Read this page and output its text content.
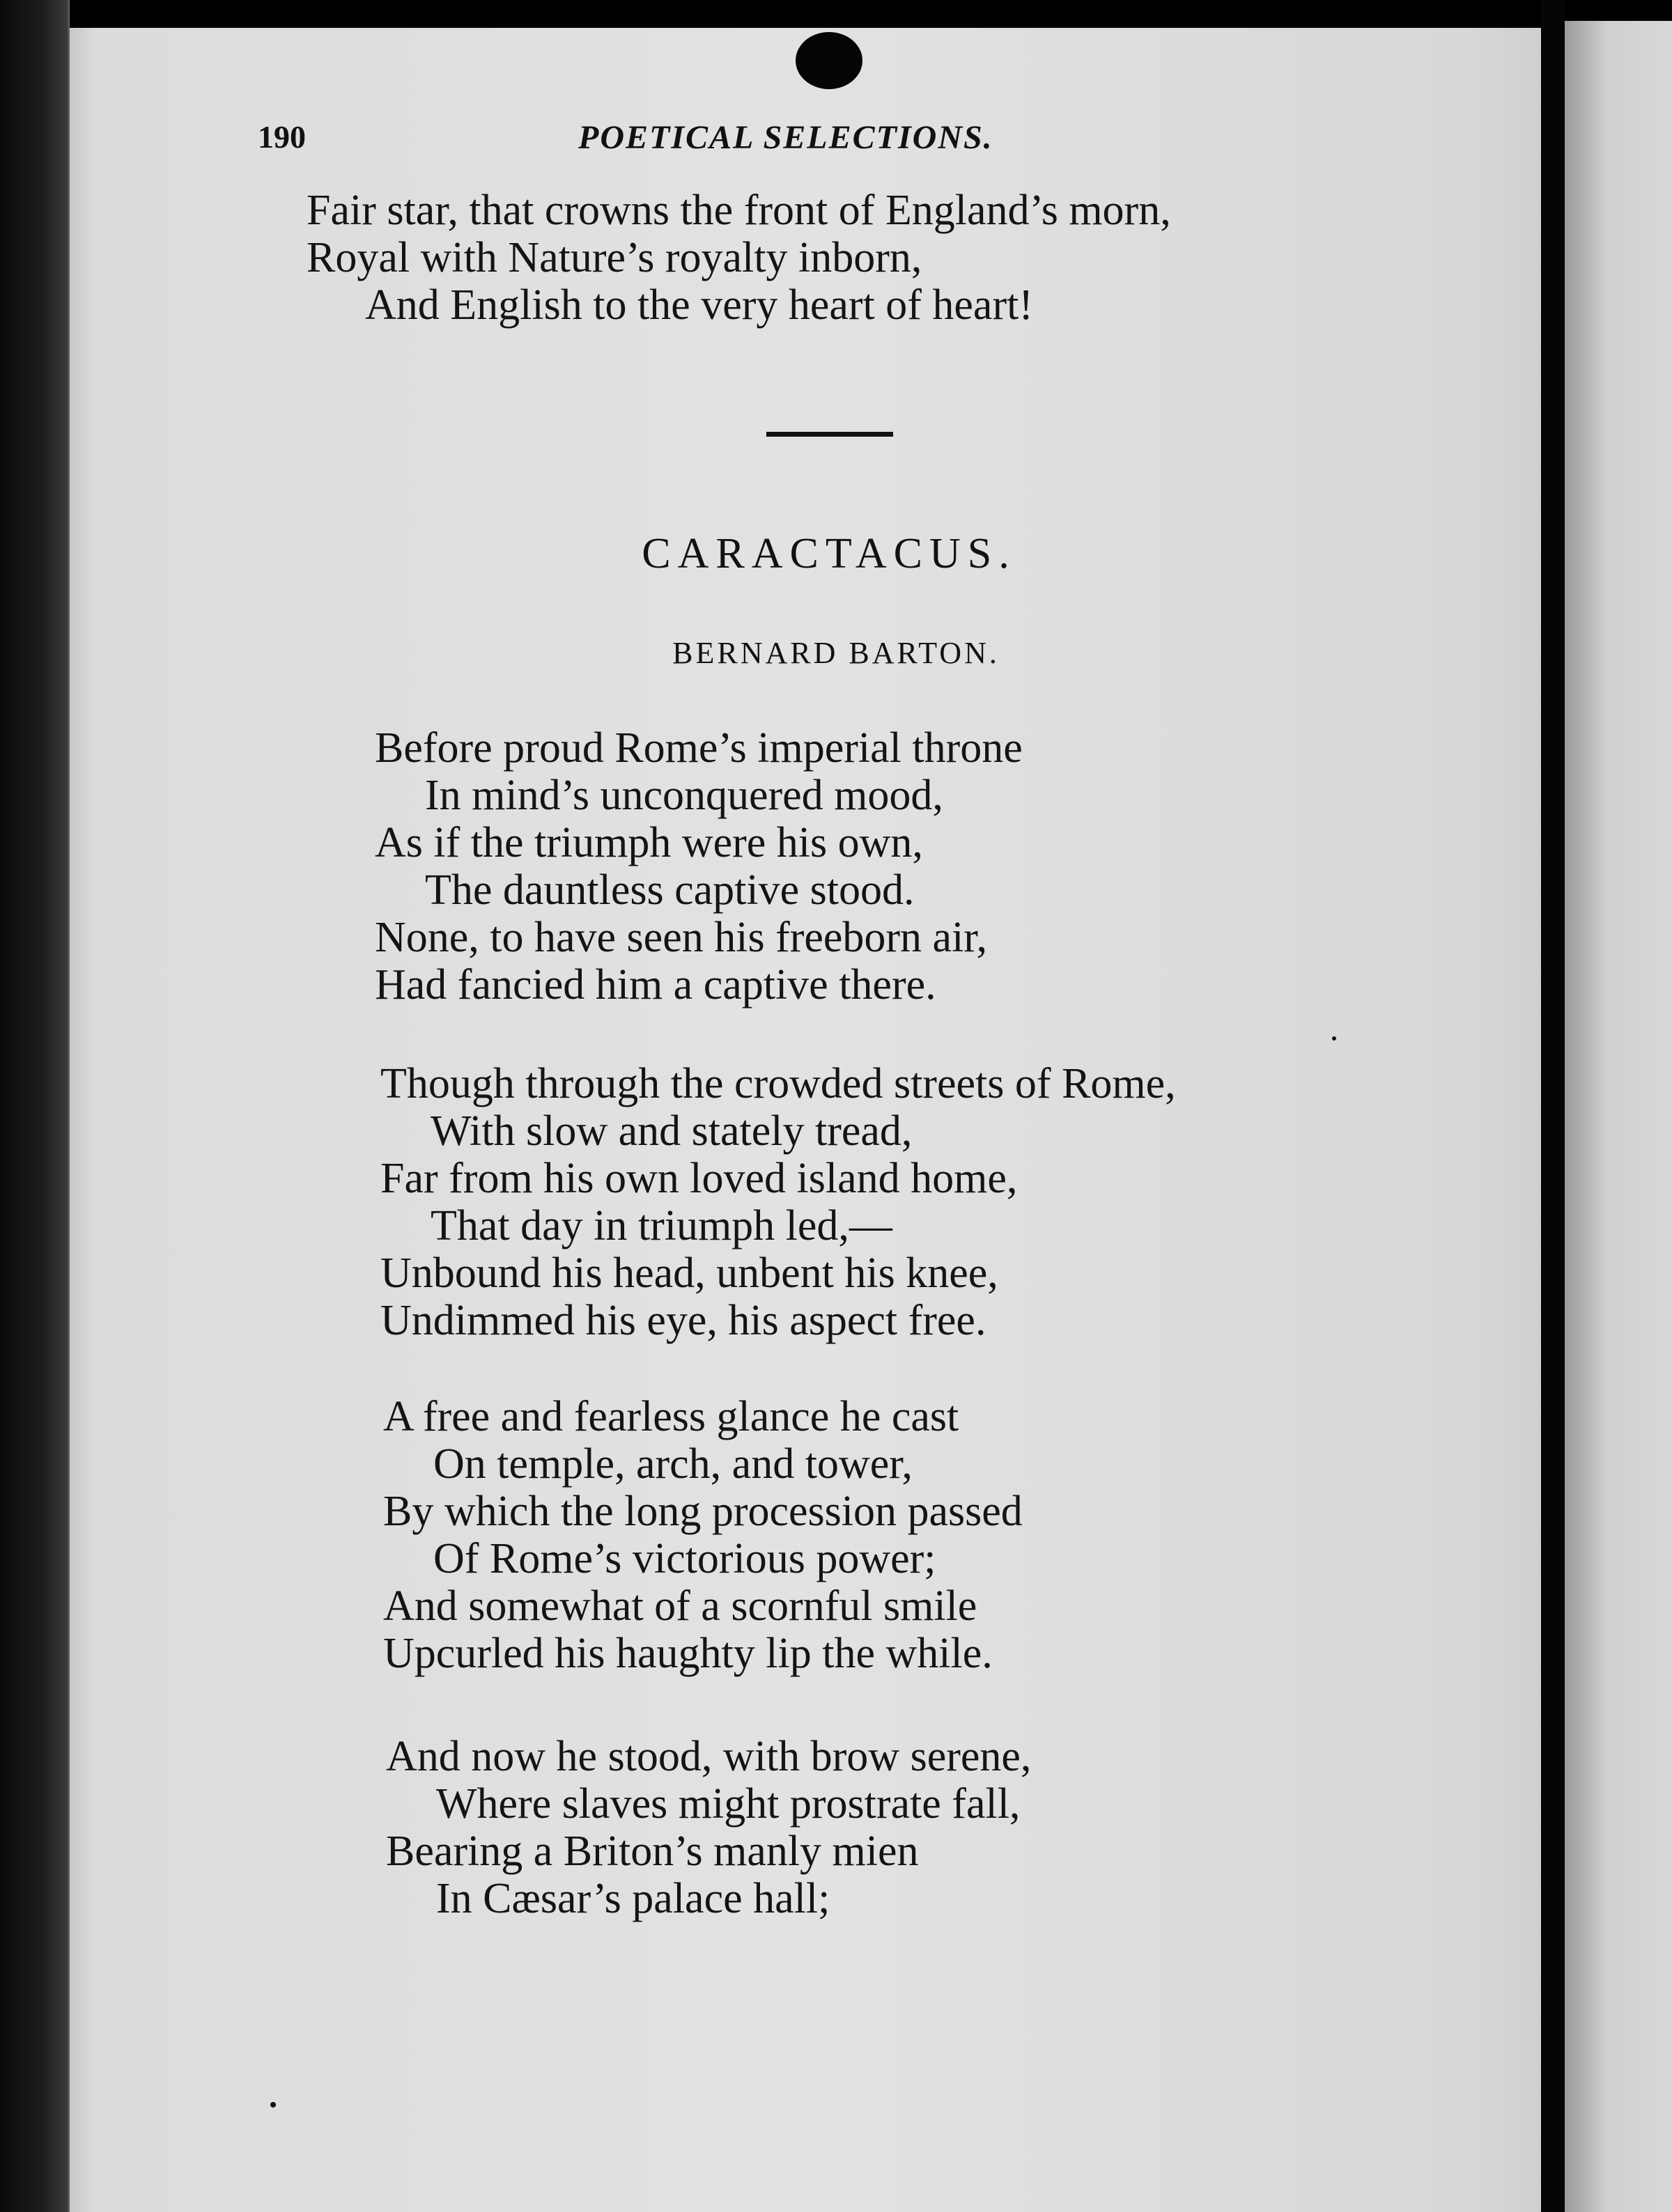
190	POETICAL SELECTIONS.
Fair star, that crowns the front of England’s morn,
Royal with Nature’s royalty inborn,
And English to the very heart of heart!
CARACTACUS.
BERNARD BARTON.
Before proud Rome’s imperial throne
In mind’s unconquered mood,
As if the triumph were his own,
The dauntless captive stood.
None, to have seen his freeborn air,
Had fancied him a captive there.
Though through the crowded streets of Rome,
With slow and stately tread,
Far from his own loved island home,
That day in triumph led,—
Unbound his head, unbent his knee,
Undimmed his eye, his aspect free.
A free and fearless glance he cast
On temple, arch, and tower,
By which the long procession passed
Of Rome’s victorious power;
And somewhat of a scornful smile
Upcurled his haughty lip the while.
And now he stood, with brow serene,
Where slaves might prostrate fall,
Bearing a Briton’s manly mien
In Cæsar’s palace hall;
